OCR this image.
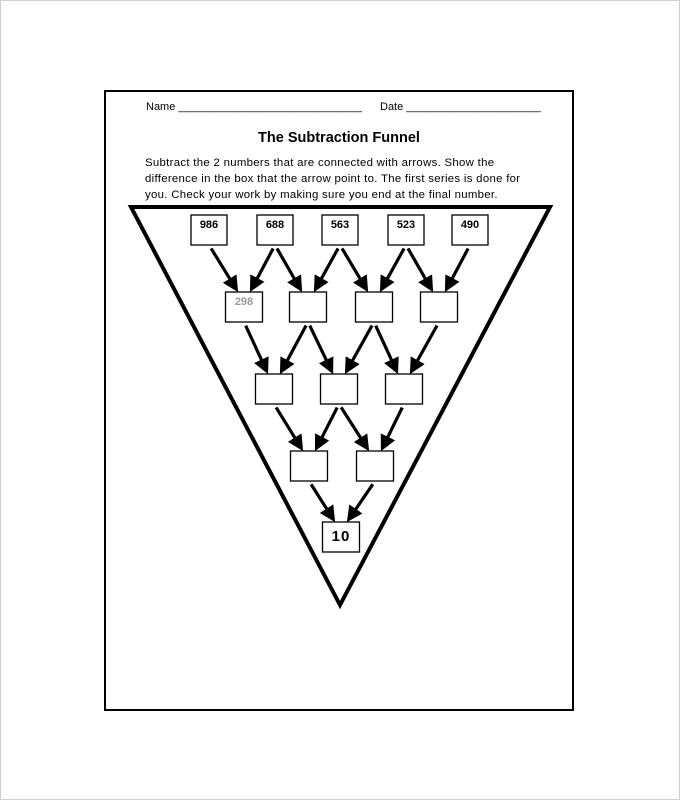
Name ______________________________ Date ______________________
The Subtraction Funnel
Subtract the 2 numbers that are connected with arrows. Show the difference in the box that the arrow point to. The first series is done for you. Check your work by making sure you end at the final number.
986	688	563	523	490
298
10
